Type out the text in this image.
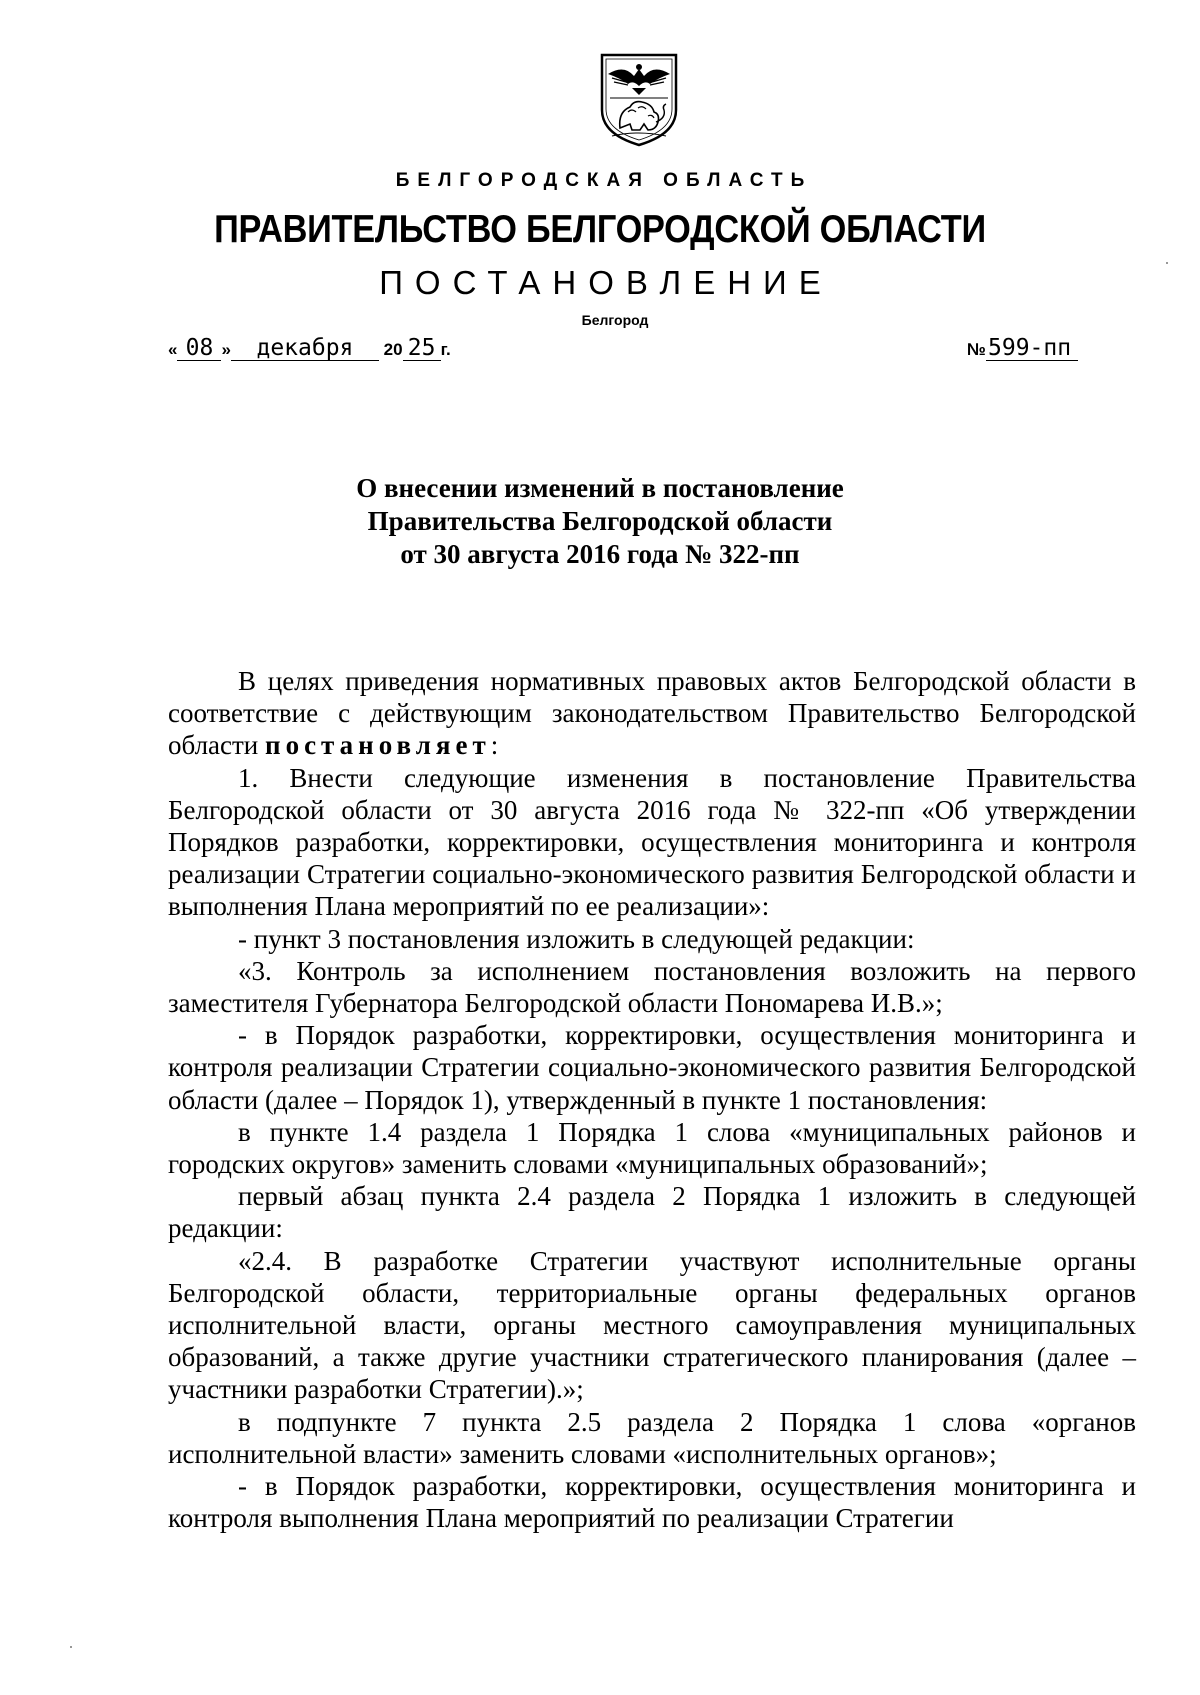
БЕЛГОРОДСКАЯ ОБЛАСТЬ
ПРАВИТЕЛЬСТВО БЕЛГОРОДСКОЙ ОБЛАСТИ
ПОСТАНОВЛЕНИЕ
Белгород
« 08 » декабря 20 25 г.	№599-пп
О внесении изменений в постановление
Правительства Белгородской области
от 30 августа 2016 года № 322-пп

В целях приведения нормативных правовых актов Белгородской области в соответствие с действующим законодательством Правительство Белгородской области постановляет:

1. Внести следующие изменения в постановление Правительства Белгородской области от 30 августа 2016 года № 322-пп «Об утверждении Порядков разработки, корректировки, осуществления мониторинга и контроля реализации Стратегии социально-экономического развития Белгородской области и выполнения Плана мероприятий по ее реализации»:

- пункт 3 постановления изложить в следующей редакции:

«3. Контроль за исполнением постановления возложить на первого заместителя Губернатора Белгородской области Пономарева И.В.»;

- в Порядок разработки, корректировки, осуществления мониторинга и контроля реализации Стратегии социально-экономического развития Белгородской области (далее – Порядок 1), утвержденный в пункте 1 постановления:

в пункте 1.4 раздела 1 Порядка 1 слова «муниципальных районов и городских округов» заменить словами «муниципальных образований»;

первый абзац пункта 2.4 раздела 2 Порядка 1 изложить в следующей редакции:

«2.4. В разработке Стратегии участвуют исполнительные органы Белгородской области, территориальные органы федеральных органов исполнительной власти, органы местного самоуправления муниципальных образований, а также другие участники стратегического планирования (далее – участники разработки Стратегии).»;

в подпункте 7 пункта 2.5 раздела 2 Порядка 1 слова «органов исполнительной власти» заменить словами «исполнительных органов»;

- в Порядок разработки, корректировки, осуществления мониторинга и контроля выполнения Плана мероприятий по реализации Стратегии
